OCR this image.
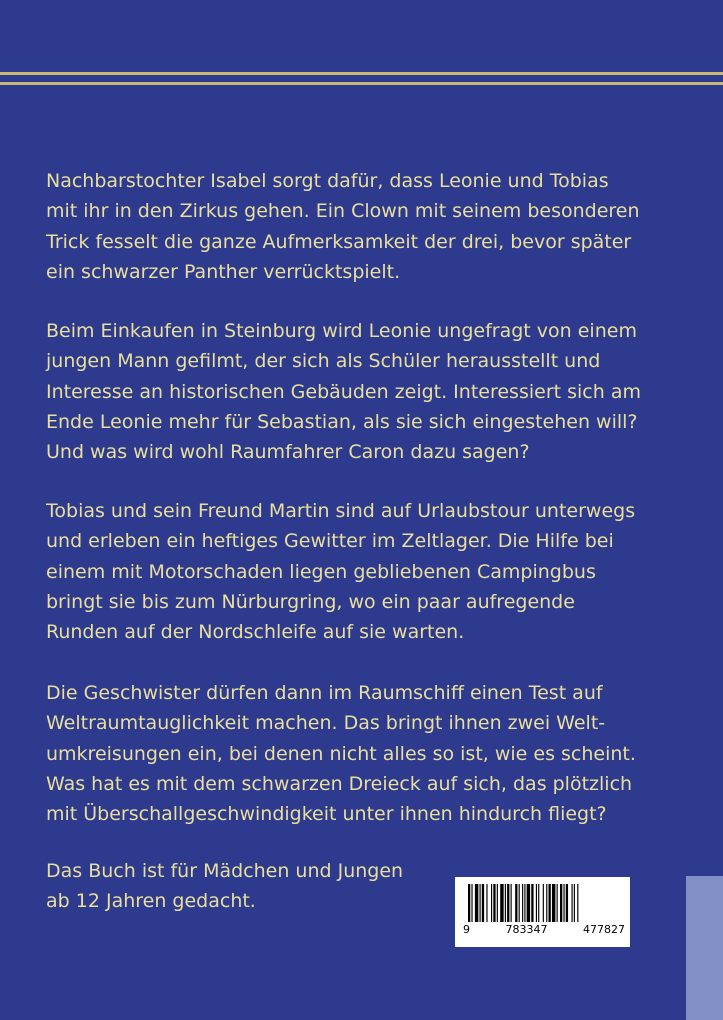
Nachbarstochter Isabel sorgt dafür, dass Leonie und Tobias
mit ihr in den Zirkus gehen. Ein Clown mit seinem besonderen
Trick fesselt die ganze Aufmerksamkeit der drei, bevor später
ein schwarzer Panther verrücktspielt.

Beim Einkaufen in Steinburg wird Leonie ungefragt von einem
jungen Mann gefilmt, der sich als Schüler herausstellt und
Interesse an historischen Gebäuden zeigt. Interessiert sich am
Ende Leonie mehr für Sebastian, als sie sich eingestehen will?
Und was wird wohl Raumfahrer Caron dazu sagen?

Tobias und sein Freund Martin sind auf Urlaubstour unterwegs
und erleben ein heftiges Gewitter im Zeltlager. Die Hilfe bei
einem mit Motorschaden liegen gebliebenen Campingbus
bringt sie bis zum Nürburgring, wo ein paar aufregende
Runden auf der Nordschleife auf sie warten.

Die Geschwister dürfen dann im Raumschiff einen Test auf
Weltraumtauglichkeit machen. Das bringt ihnen zwei Welt-
umkreisungen ein, bei denen nicht alles so ist, wie es scheint.
Was hat es mit dem schwarzen Dreieck auf sich, das plötzlich
mit Überschallgeschwindigkeit unter ihnen hindurch fliegt?

Das Buch ist für Mädchen und Jungen
ab 12 Jahren gedacht.

9	783347	477827
